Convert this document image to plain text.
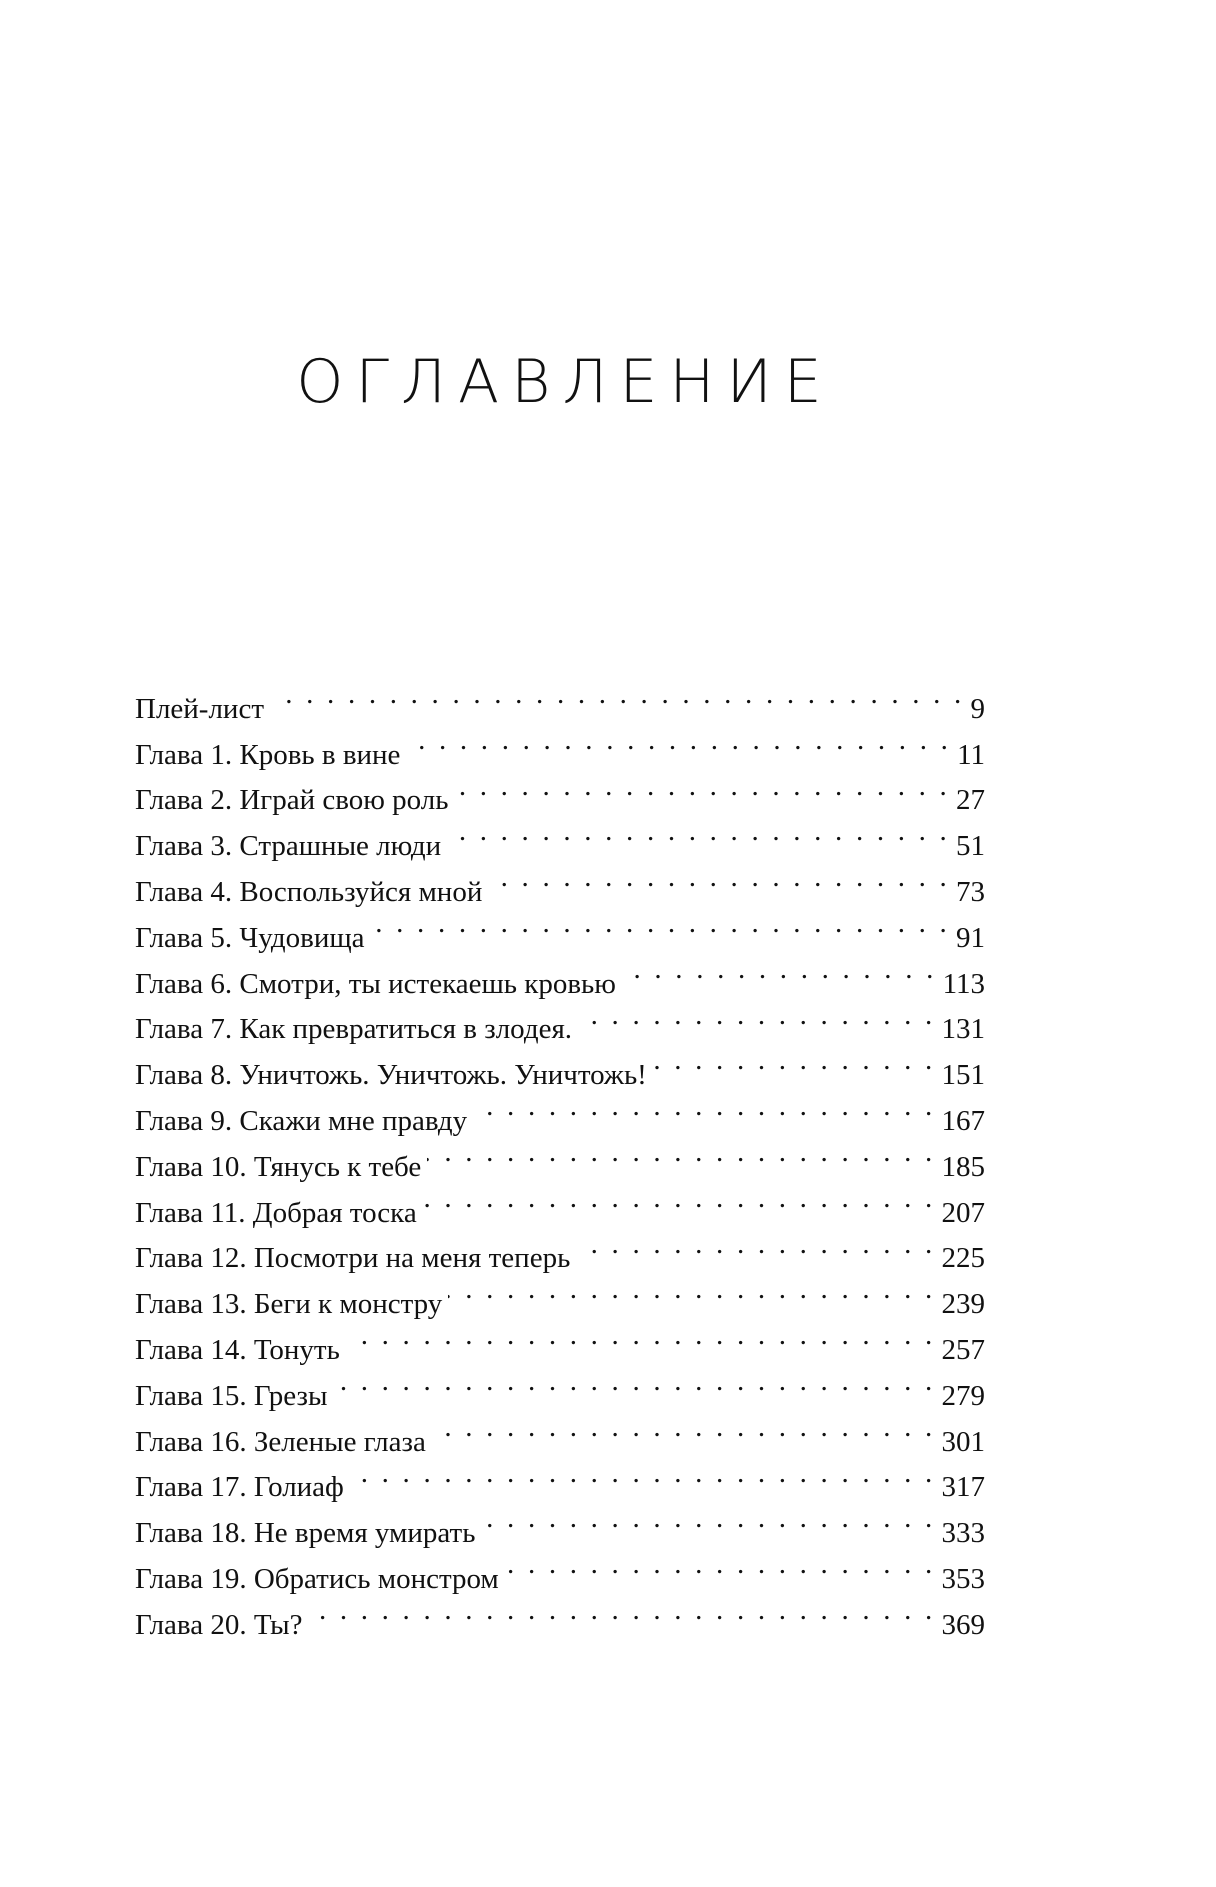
ОГЛАВЛЕНИЕ
Плей-лист . . .	9
Глава 1. Кровь в вине . . .	11
Глава 2. Играй свою роль . . .	27
Глава 3. Страшные люди . . .	51
Глава 4. Воспользуйся мной . . .	73
Глава 5. Чудовища . . .	91
Глава 6. Смотри, ты истекаешь кровью . . .	113
Глава 7. Как превратиться в злодея. . . .	131
Глава 8. Уничтожь. Уничтожь. Уничтожь! . . .	151
Глава 9. Скажи мне правду . . .	167
Глава 10. Тянусь к тебе . . .	185
Глава 11. Добрая тоска . . .	207
Глава 12. Посмотри на меня теперь . . .	225
Глава 13. Беги к монстру . . .	239
Глава 14. Тонуть . . .	257
Глава 15. Грезы . . .	279
Глава 16. Зеленые глаза . . .	301
Глава 17. Голиаф . . .	317
Глава 18. Не время умирать . . .	333
Глава 19. Обратись монстром . . .	353
Глава 20. Ты? . . .	369
